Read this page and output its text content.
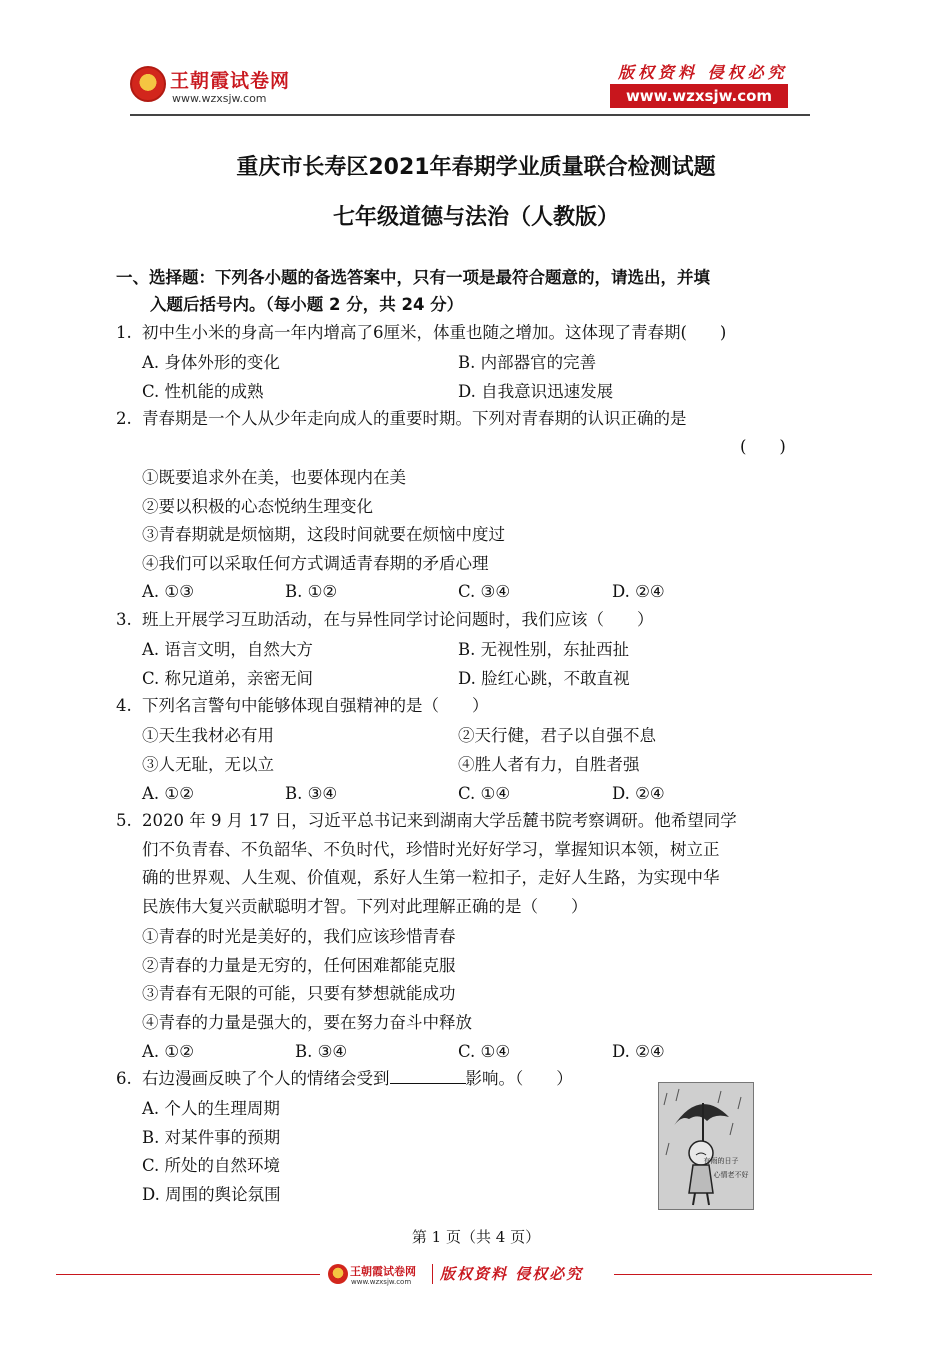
王朝霞试卷网
www.wzxsjw.com
版权资料 侵权必究
www.wzxsjw.com
重庆市长寿区2021年春期学业质量联合检测试题
七年级道德与法治（人教版）
一、选择题：下列各小题的备选答案中，只有一项是最符合题意的，请选出，并填
入题后括号内。（每小题 2 分，共 24 分）
1. 初中生小米的身高一年内增高了6厘米，体重也随之增加。这体现了青春期(　　)
A. 身体外形的变化	B. 内部器官的完善
C. 性机能的成熟	D. 自我意识迅速发展
2. 青春期是一个人从少年走向成人的重要时期。下列对青春期的认识正确的是
(　　)
①既要追求外在美，也要体现内在美
②要以积极的心态悦纳生理变化
③青春期就是烦恼期，这段时间就要在烦恼中度过
④我们可以采取任何方式调适青春期的矛盾心理
A. ①③	B. ①②	C. ③④	D. ②④
3. 班上开展学习互助活动，在与异性同学讨论问题时，我们应该（　　）
A. 语言文明，自然大方	B. 无视性别，东扯西扯
C. 称兄道弟，亲密无间	D. 脸红心跳，不敢直视
4. 下列名言警句中能够体现自强精神的是（　　）
①天生我材必有用	②天行健，君子以自强不息
③人无耻，无以立	④胜人者有力，自胜者强
A. ①②	B. ③④	C. ①④	D. ②④
5. 2020 年 9 月 17 日，习近平总书记来到湖南大学岳麓书院考察调研。他希望同学
们不负青春、不负韶华、不负时代，珍惜时光好好学习，掌握知识本领，树立正
确的世界观、人生观、价值观，系好人生第一粒扣子，走好人生路，为实现中华
民族伟大复兴贡献聪明才智。下列对此理解正确的是（　　）
①青春的时光是美好的，我们应该珍惜青春
②青春的力量是无穷的，任何困难都能克服
③青春有无限的可能，只要有梦想就能成功
④青春的力量是强大的，要在努力奋斗中释放
A. ①②	B. ③④	C. ①④	D. ②④
6. 右边漫画反映了个人的情绪会受到	影响。（　　）
A. 个人的生理周期
B. 对某件事的预期
C. 所处的自然环境
D. 周围的舆论氛围
有雨的日子
心情老不好
第 1 页（共 4 页）
王朝霞试卷网
www.wzxsjw.com 版权资料 侵权必究
